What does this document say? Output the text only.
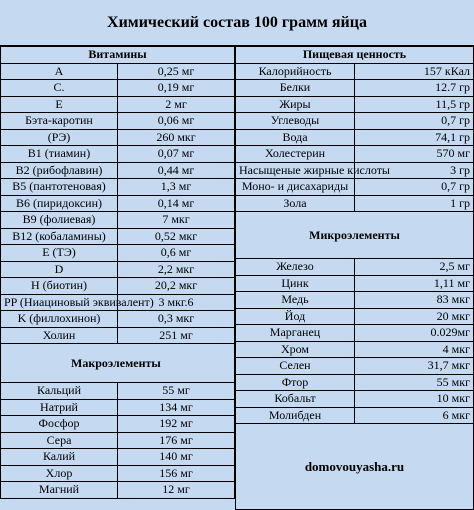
Химический состав 100 грамм яйца
Витамины	
A	0,25 мг
C.	0,19 мг
E	2 мг
Бэта-каротин	0,06 мг
(РЭ)	260 мкг
B1 (тиамин)	0,07 мг
B2 (рибофлавин)	0,44 мг
B5 (пантотеновая)	1,3 мг
B6 (пиридоксин)	0,14 мг
B9 (фолиевая)	7 мкг
B12 (кобаламины)	0,52 мкг
E (ТЭ)	0,6 мг
D	2,2 мкг
H (биотин)	20,2 мкг
PP (Ниациновый эквивалент)	3 мкг.6
K (филлохинон)	0,3 мкг
Холин	251 мг
Макроэлементы	
Кальций	55 мг
Натрий	134 мг
Фосфор	192 мг
Сера	176 мг
Калий	140 мг
Хлор	156 мг
Магний	12 мг
Пищевая ценность	
Калорийность	157 кКал
Белки	12.7 гр
Жиры	11,5 гр
Углеводы	0,7 гр
Вода	74,1 гр
Холестерин	570 мг
Насыщеные жирные кислоты	3 гр
Моно- и дисахариды	0,7 гр
Зола	1 гр
Микроэлементы	
Железо	2,5 мг
Цинк	1,11 мг
Медь	83 мкг
Йод	20 мкг
Марганец	0.029мг
Хром	4 мкг
Селен	31,7 мкг
Фтор	55 мкг
Кобальт	10 мкг
Молибден	6 мкг
domovouyasha.ru	
